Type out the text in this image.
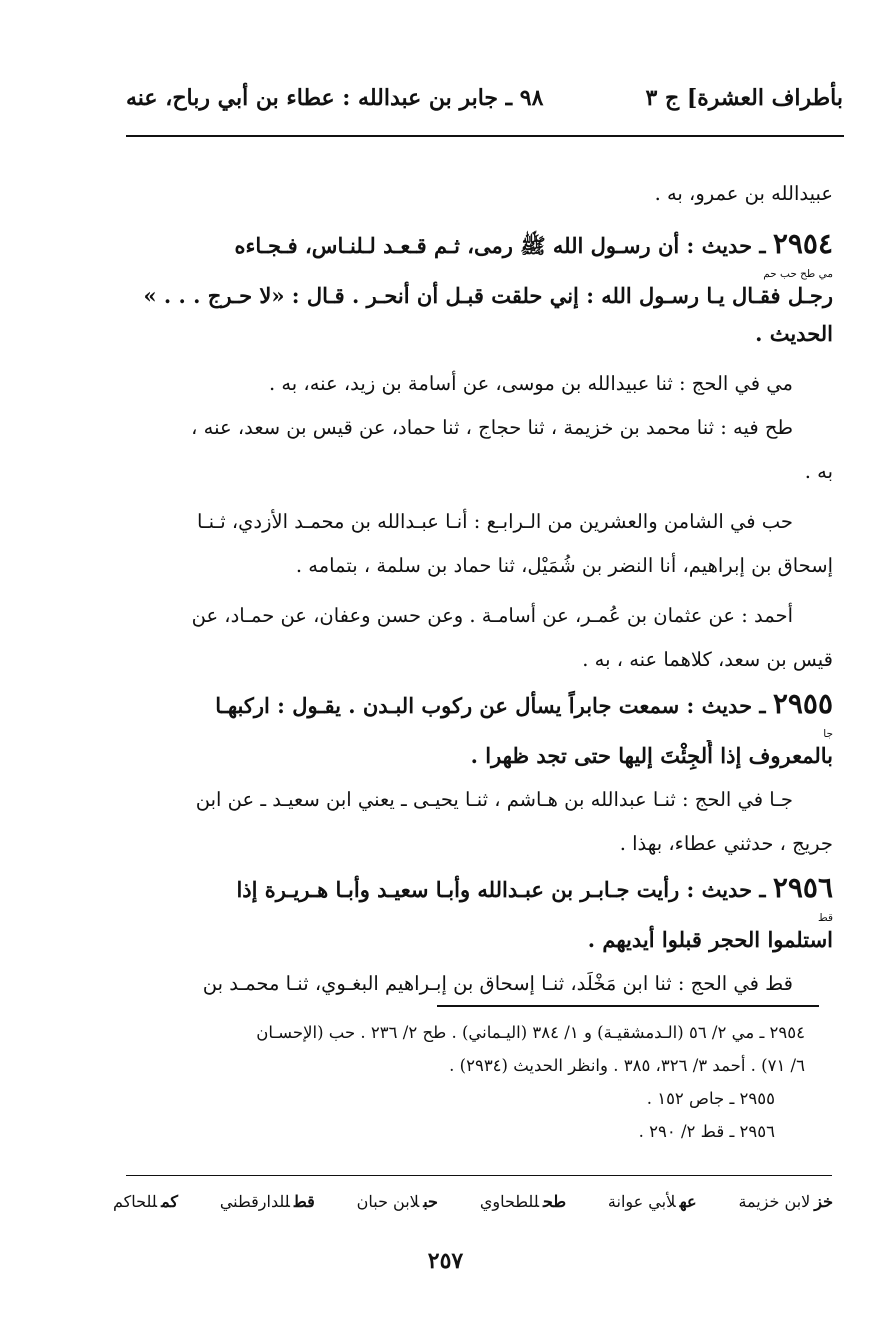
بأطراف العشرة] ج ٣
٩٨ ـ جابر بن عبدالله : عطاء بن أبي رباح، عنه
عبيدالله بن عمرو، به .
٢٩٥٤ ـ حديث : أن رسـول الله ﷺ رمى، ثـم قـعـد لـلنـاس، فـجـاءه
مي طح حب حم
رجـل فقـال يـا رسـول الله : إني حلقت قبـل أن أنحـر . قـال : «لا حـرج . . . »
الحديث .
مي في الحج : ثنا عبيدالله بن موسى، عن أسامة بن زيد، عنه، به .
طح فيه : ثنا محمد بن خزيمة ، ثنا حجاج ، ثنا حماد، عن قيس بن سعد، عنه ،
به .
حب في الشامن والعشرين من الـرابـع : أنـا عبـدالله بن محمـد الأزدي، ثـنـا
إسحاق بن إبراهيم، أنا النضر بن شُمَيْل، ثنا حماد بن سلمة ، بتمامه .
أحمد : عن عثمان بن عُمـر، عن أسامـة . وعن حسن وعفان، عن حمـاد، عن
قيس بن سعد، كلاهما عنه ، به .
٢٩٥٥ ـ حديث : سمعت جابراً يسأل عن ركوب البـدن . يقـول : اركبهـا
جا
بالمعروف إذا أُلجِئْتَ إليها حتى تجد ظهرا .
جـا في الحج : ثنـا عبدالله بن هـاشم ، ثنـا يحيـى ـ يعني ابن سعيـد ـ عن ابن
جريج ، حدثني عطاء، بهذا .
٢٩٥٦ ـ حديث : رأيت جـابـر بن عبـدالله وأبـا سعيـد وأبـا هـريـرة إذا
قط
استلموا الحجر قبلوا أيديهم .
قط في الحج : ثنا ابن مَخْلَد، ثنـا إسحاق بن إبـراهيم البغـوي، ثنـا محمـد بن
٢٩٥٤ ـ مي ٢/ ٥٦ (الـدمشقيـة) و ١/ ٣٨٤ (اليـماني) . طح ٢/ ٢٣٦ . حب (الإحسـان
٦/ ٧١) . أحمد ٣/ ٣٢٦، ٣٨٥ . وانظر الحديث (٢٩٣٤) .
٢٩٥٥ ـ جاص ١٥٢ .
٢٩٥٦ ـ قط ٢/ ٢٩٠ .
خزلابن خزيمة
عهلأبي عوانة
طحللطحاوي
حبلابن حبان
قطللدارقطني
كمللحاكم
٢٥٧
